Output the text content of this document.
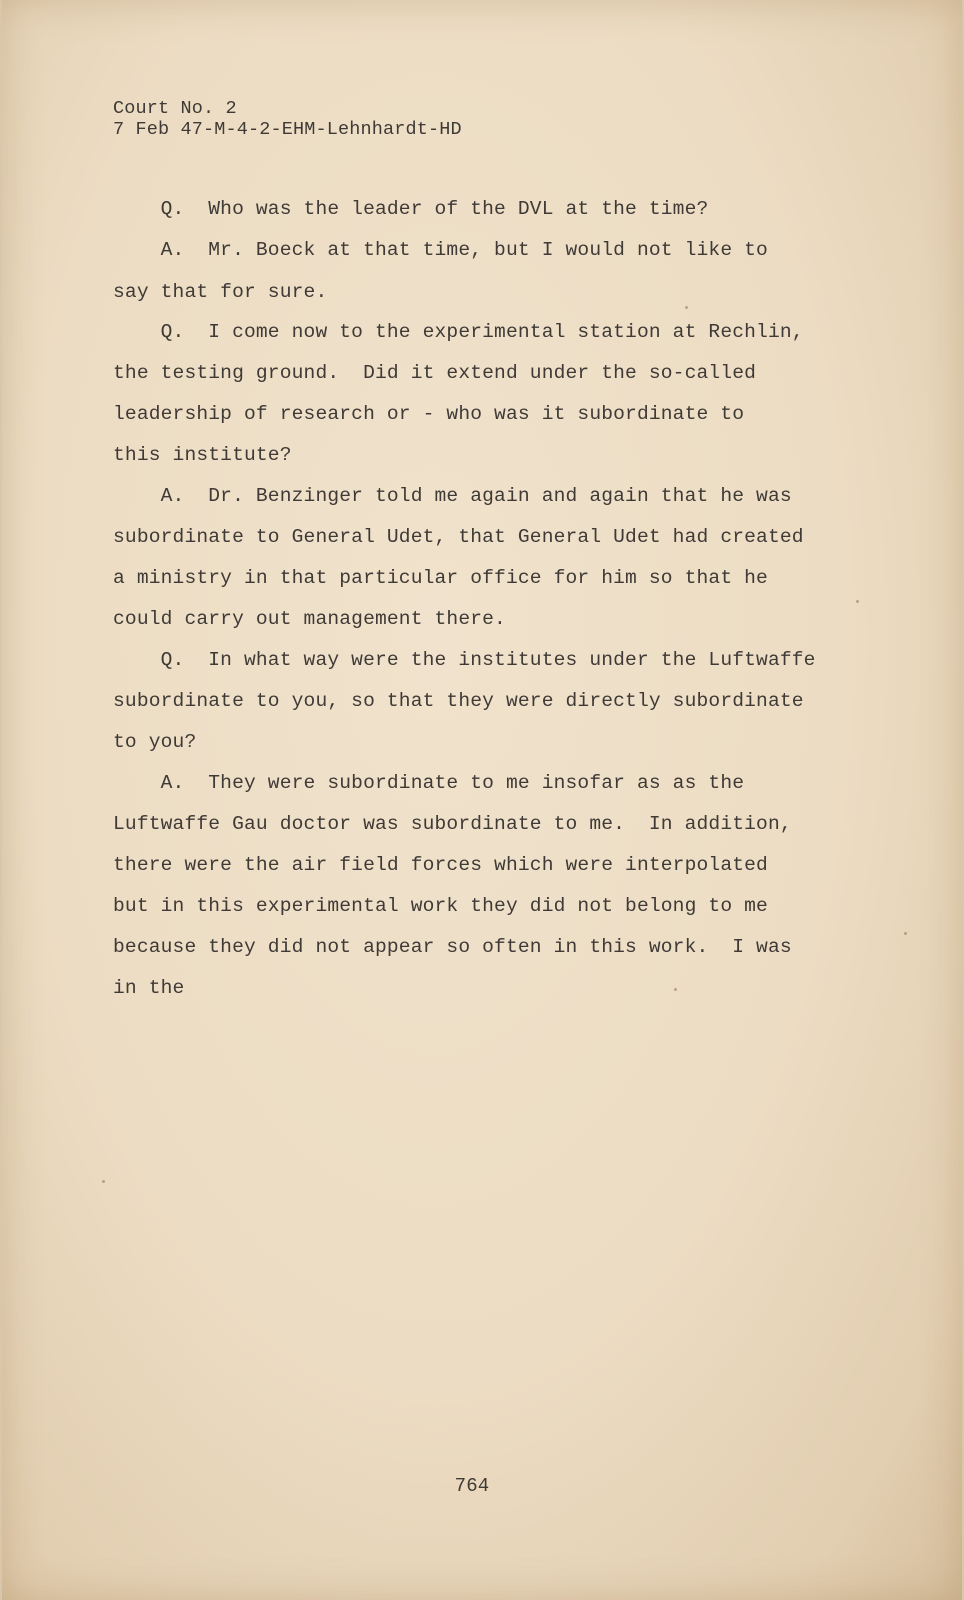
Court No. 2
7 Feb 47-M-4-2-EHM-Lehnhardt-HD
Q.  Who was the leader of the DVL at the time?
A.  Mr. Boeck at that time, but I would not like to
say that for sure.
Q.  I come now to the experimental station at Rechlin,
the testing ground.  Did it extend under the so-called
leadership of research or - who was it subordinate to
this institute?
A.  Dr. Benzinger told me again and again that he was
subordinate to General Udet, that General Udet had created
a ministry in that particular office for him so that he
could carry out management there.
Q.  In what way were the institutes under the Luftwaffe
subordinate to you, so that they were directly subordinate
to you?
A.  They were subordinate to me insofar as as the
Luftwaffe Gau doctor was subordinate to me.  In addition,
there were the air field forces which were interpolated
but in this experimental work they did not belong to me
because they did not appear so often in this work.  I was
in the
764
